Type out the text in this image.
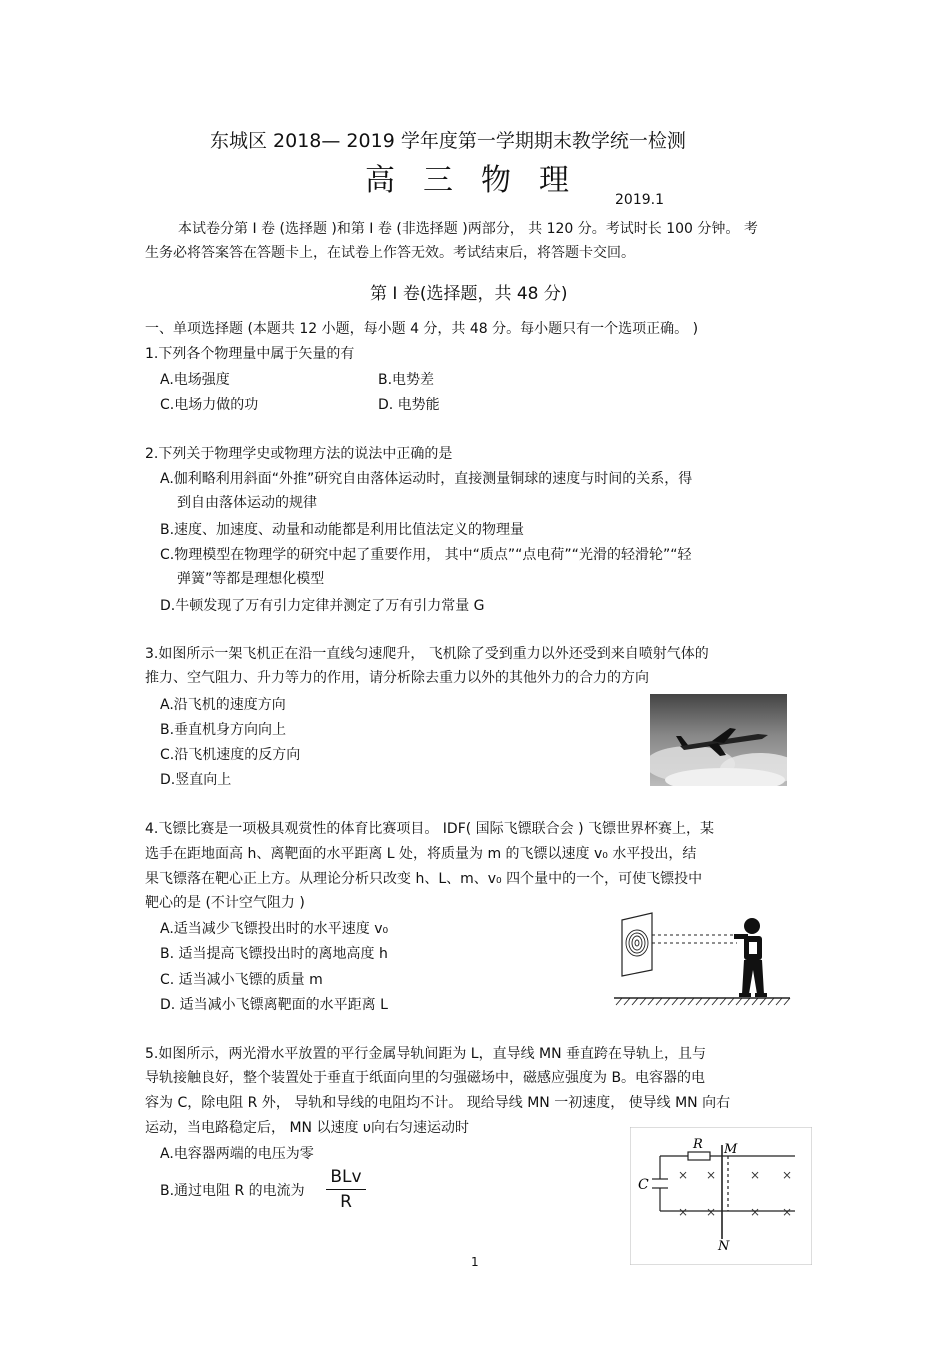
东城区 2018— 2019 学年度第一学期期末教学统一检测
高三物理
2019.1
本试卷分第 I 卷 (选择题 )和第 I 卷 (非选择题 )两部分， 共 120 分。考试时长 100 分钟。 考
生务必将答案答在答题卡上，在试卷上作答无效。考试结束后，将答题卡交回。
第 I 卷(选择题，共 48 分)
一、单项选择题 (本题共 12 小题，每小题 4 分，共 48 分。每小题只有一个选项正确。 )
1.下列各个物理量中属于矢量的有
A.电场强度	B.电势差
C.电场力做的功	D. 电势能
2.下列关于物理学史或物理方法的说法中正确的是
A.伽利略利用斜面“外推”研究自由落体运动时，直接测量铜球的速度与时间的关系，得
到自由落体运动的规律
B.速度、加速度、动量和动能都是利用比值法定义的物理量
C.物理模型在物理学的研究中起了重要作用， 其中“质点”“点电荷”“光滑的轻滑轮”“轻
弹簧”等都是理想化模型
D.牛顿发现了万有引力定律并测定了万有引力常量 G
3.如图所示一架飞机正在沿一直线匀速爬升， 飞机除了受到重力以外还受到来自喷射气体的
推力、空气阻力、升力等力的作用，请分析除去重力以外的其他外力的合力的方向
A.沿飞机的速度方向
B.垂直机身方向向上
C.沿飞机速度的反方向
D.竖直向上
4.飞镖比赛是一项极具观赏性的体育比赛项目。 IDF( 国际飞镖联合会 ) 飞镖世界杯赛上，某
选手在距地面高 h、离靶面的水平距离 L 处，将质量为 m 的飞镖以速度 v₀ 水平投出，结
果飞镖落在靶心正上方。从理论分析只改变 h、L、m、v₀ 四个量中的一个，可使飞镖投中
靶心的是 (不计空气阻力 )
A.适当减少飞镖投出时的水平速度 v₀
B. 适当提高飞镖投出时的离地高度 h
C. 适当减小飞镖的质量 m
D. 适当减小飞镖离靶面的水平距离 L
5.如图所示，两光滑水平放置的平行金属导轨间距为 L，直导线 MN 垂直跨在导轨上，且与
导轨接触良好，整个装置处于垂直于纸面向里的匀强磁场中，磁感应强度为 B。电容器的电
容为 C，除电阻 R 外， 导轨和导线的电阻均不计。 现给导线 MN 一初速度， 使导线 MN 向右
运动，当电路稳定后， MN 以速度 υ向右匀速运动时
A.电容器两端的电压为零
B.通过电阻 R 的电流为
BLv
R
R M
C
N
× ×	× ×
× ×	× ×
1
